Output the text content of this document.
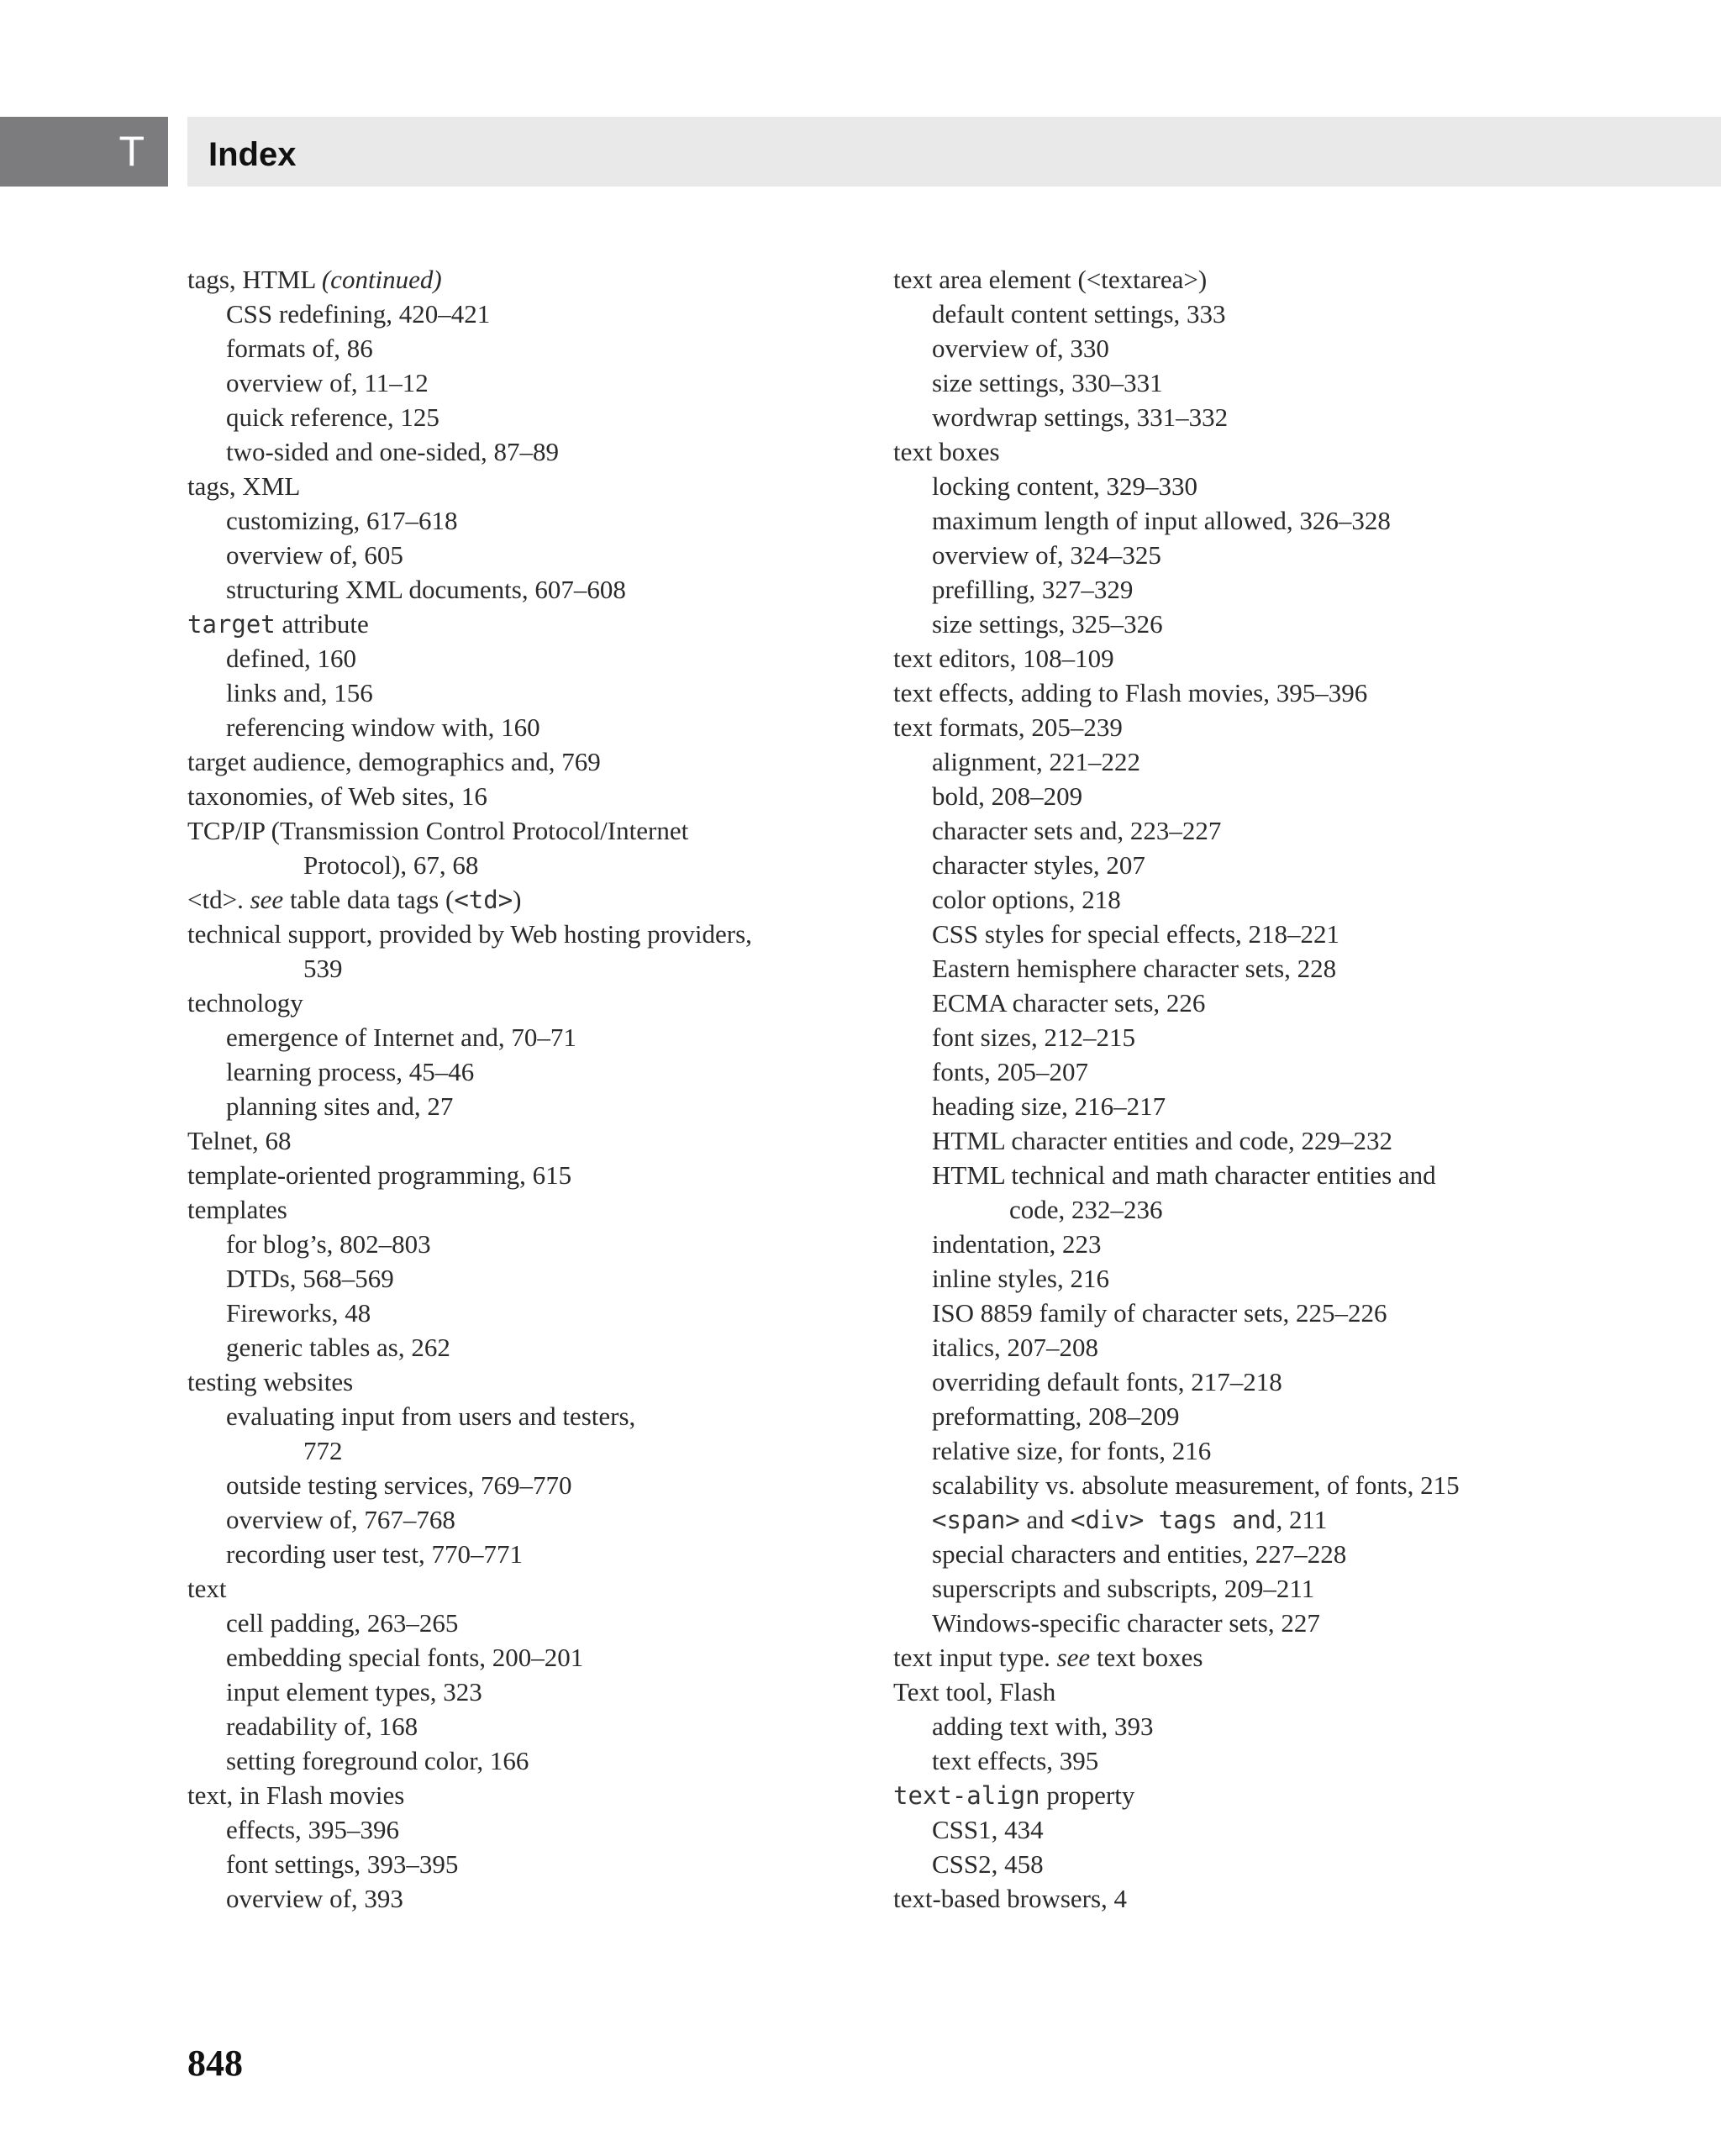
T	Index
tags, HTML (continued)
CSS redefining, 420–421
formats of, 86
overview of, 11–12
quick reference, 125
two-sided and one-sided, 87–89
tags, XML
customizing, 617–618
overview of, 605
structuring XML documents, 607–608
target attribute
defined, 160
links and, 156
referencing window with, 160
target audience, demographics and, 769
taxonomies, of Web sites, 16
TCP/IP (Transmission Control Protocol/Internet
Protocol), 67, 68
<td>. see table data tags (<td>)
technical support, provided by Web hosting providers,
539
technology
emergence of Internet and, 70–71
learning process, 45–46
planning sites and, 27
Telnet, 68
template-oriented programming, 615
templates
for blog’s, 802–803
DTDs, 568–569
Fireworks, 48
generic tables as, 262
testing websites
evaluating input from users and testers,
772
outside testing services, 769–770
overview of, 767–768
recording user test, 770–771
text
cell padding, 263–265
embedding special fonts, 200–201
input element types, 323
readability of, 168
setting foreground color, 166
text, in Flash movies
effects, 395–396
font settings, 393–395
overview of, 393
text area element (<textarea>)
default content settings, 333
overview of, 330
size settings, 330–331
wordwrap settings, 331–332
text boxes
locking content, 329–330
maximum length of input allowed, 326–328
overview of, 324–325
prefilling, 327–329
size settings, 325–326
text editors, 108–109
text effects, adding to Flash movies, 395–396
text formats, 205–239
alignment, 221–222
bold, 208–209
character sets and, 223–227
character styles, 207
color options, 218
CSS styles for special effects, 218–221
Eastern hemisphere character sets, 228
ECMA character sets, 226
font sizes, 212–215
fonts, 205–207
heading size, 216–217
HTML character entities and code, 229–232
HTML technical and math character entities and
code, 232–236
indentation, 223
inline styles, 216
ISO 8859 family of character sets, 225–226
italics, 207–208
overriding default fonts, 217–218
preformatting, 208–209
relative size, for fonts, 216
scalability vs. absolute measurement, of fonts, 215
<span> and <div> tags and, 211
special characters and entities, 227–228
superscripts and subscripts, 209–211
Windows-specific character sets, 227
text input type. see text boxes
Text tool, Flash
adding text with, 393
text effects, 395
text-align property
CSS1, 434
CSS2, 458
text-based browsers, 4
848
